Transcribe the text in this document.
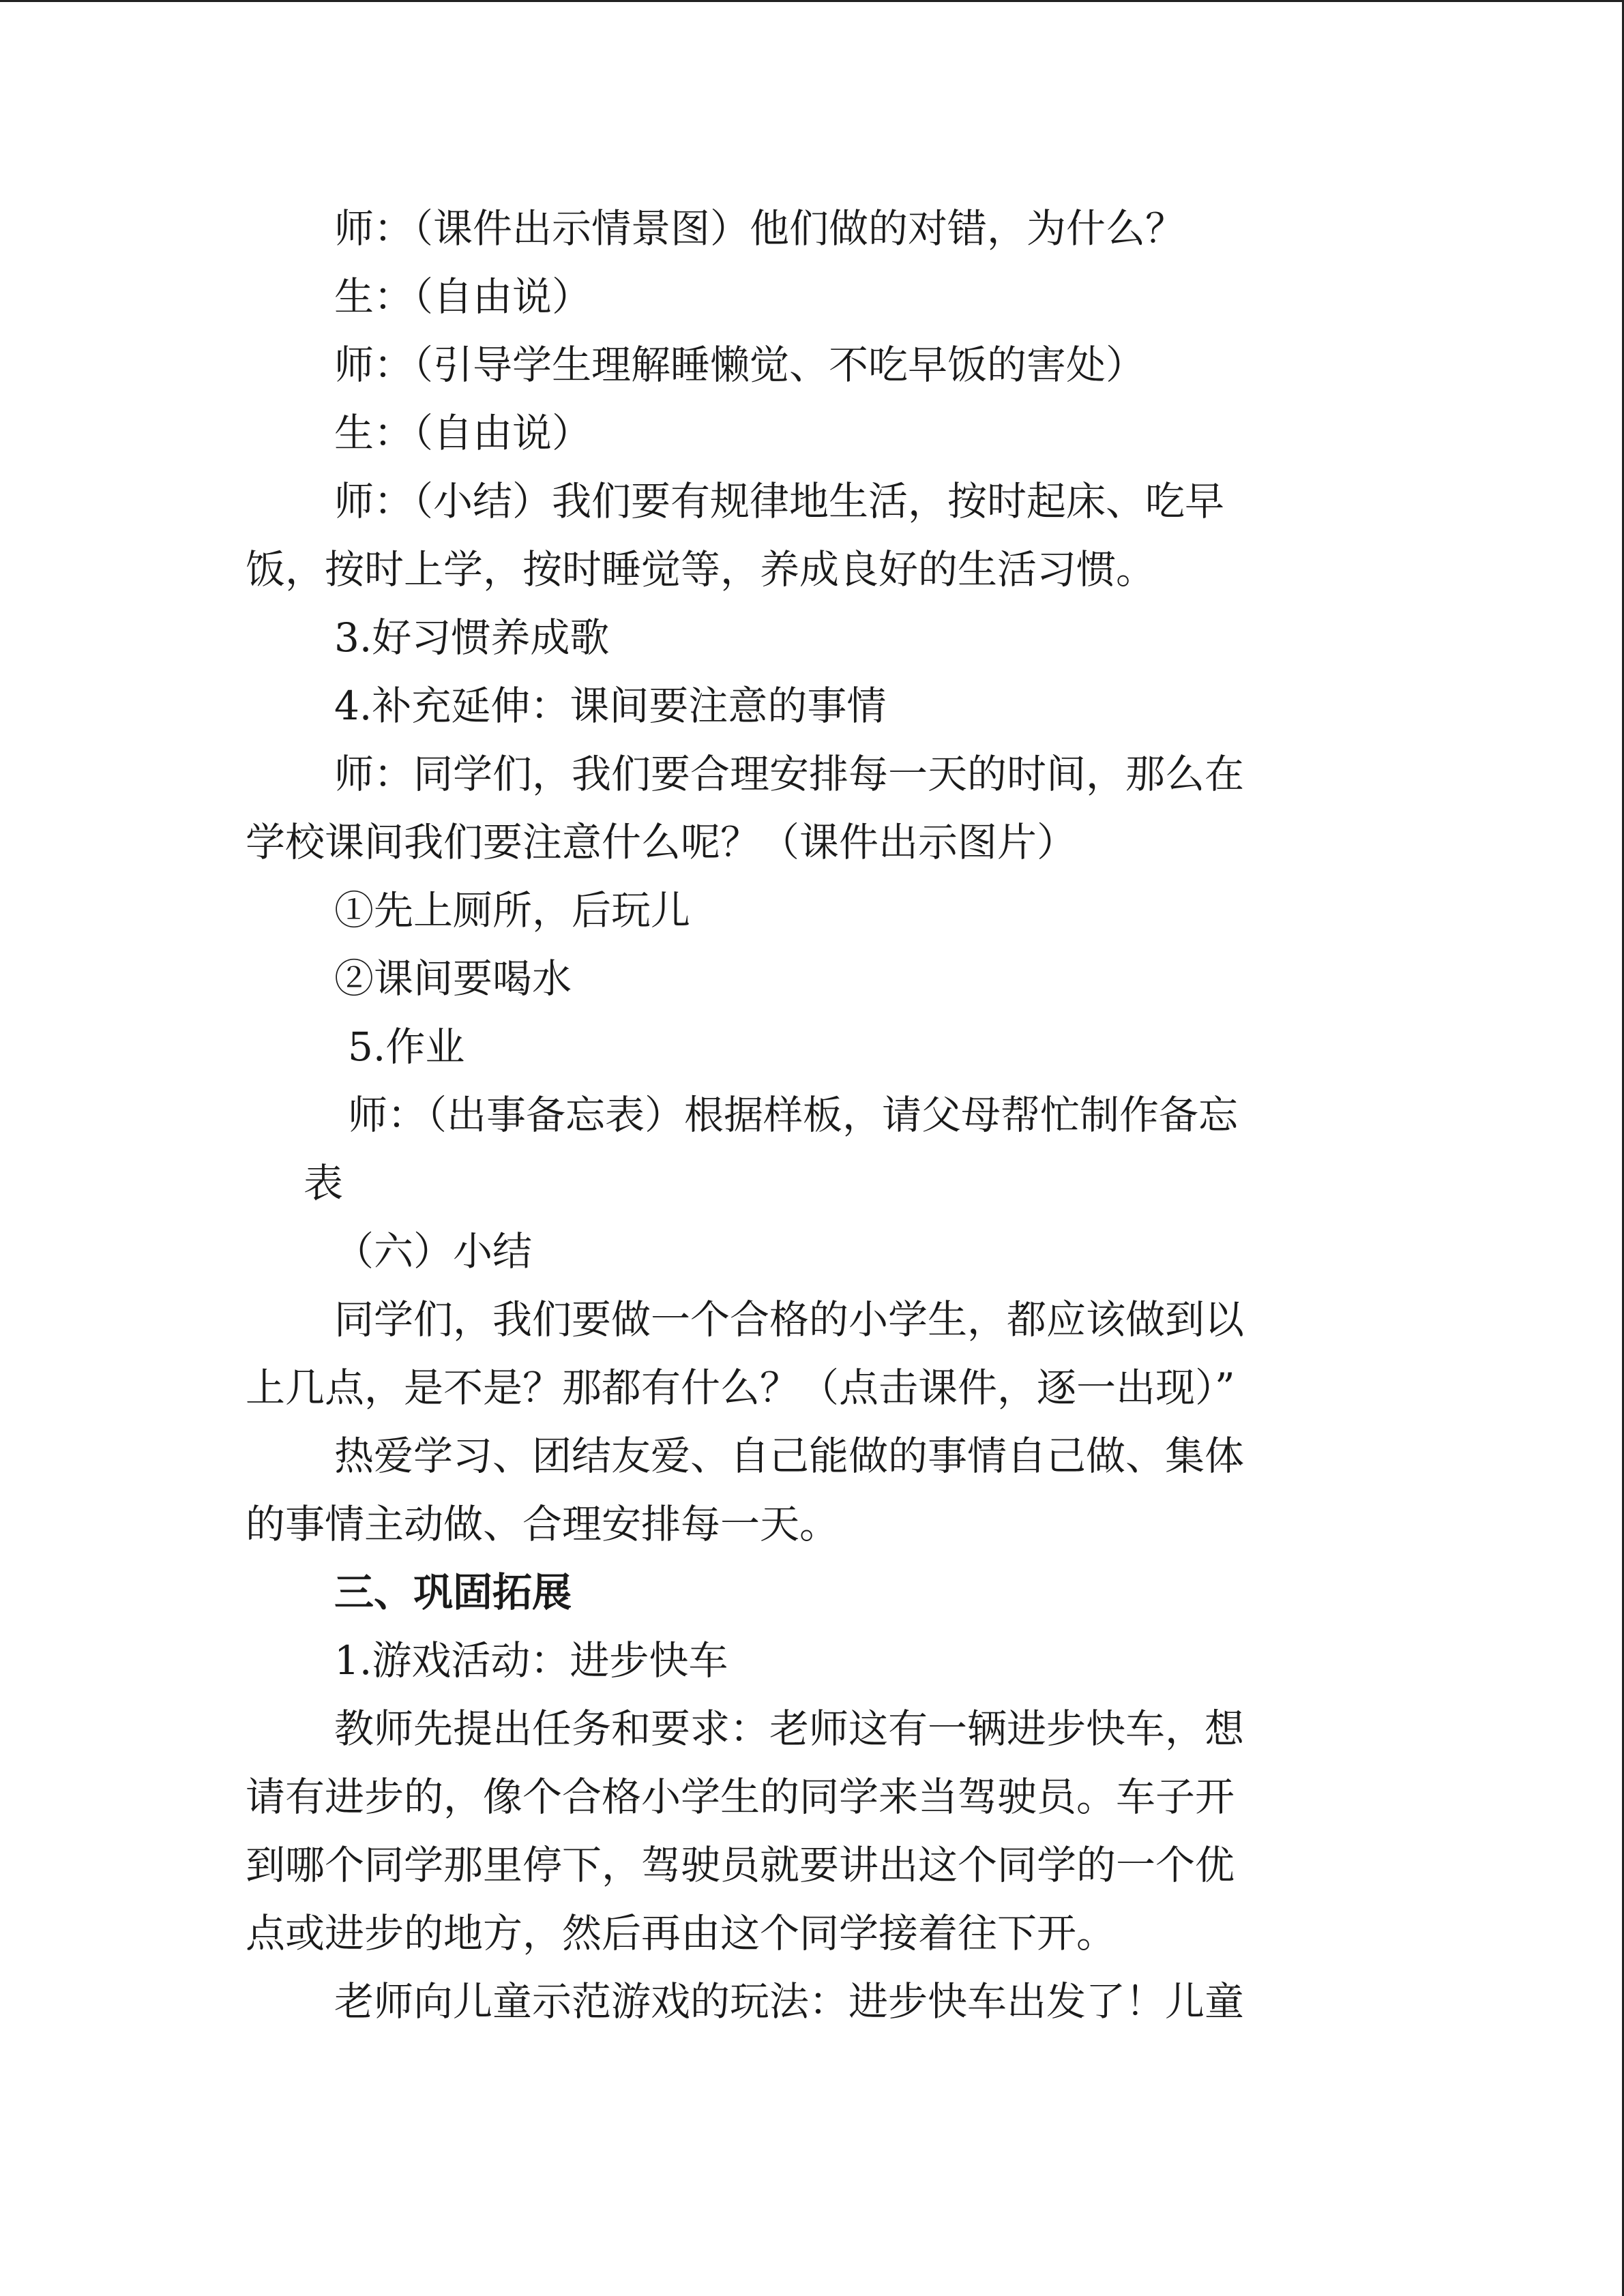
师：（课件出示情景图）他们做的对错，为什么？
生：（自由说）
师：（引导学生理解睡懒觉、不吃早饭的害处）
生：（自由说）
师：（小结）我们要有规律地生活，按时起床、吃早
饭，按时上学，按时睡觉等，养成良好的生活习惯。
3.好习惯养成歌
4.补充延伸：课间要注意的事情
师：同学们，我们要合理安排每一天的时间，那么在
学校课间我们要注意什么呢？（课件出示图片）
①先上厕所，后玩儿
②课间要喝水
5.作业
师：（出事备忘表）根据样板，请父母帮忙制作备忘
表
（六）小结
同学们，我们要做一个合格的小学生，都应该做到以
上几点，是不是？那都有什么？（点击课件，逐一出现）”
热爱学习、团结友爱、自己能做的事情自己做、集体
的事情主动做、合理安排每一天。
三、巩固拓展
1.游戏活动：进步快车
教师先提出任务和要求：老师这有一辆进步快车，想
请有进步的，像个合格小学生的同学来当驾驶员。车子开
到哪个同学那里停下，驾驶员就要讲出这个同学的一个优
点或进步的地方，然后再由这个同学接着往下开。
老师向儿童示范游戏的玩法：进步快车出发了！儿童
